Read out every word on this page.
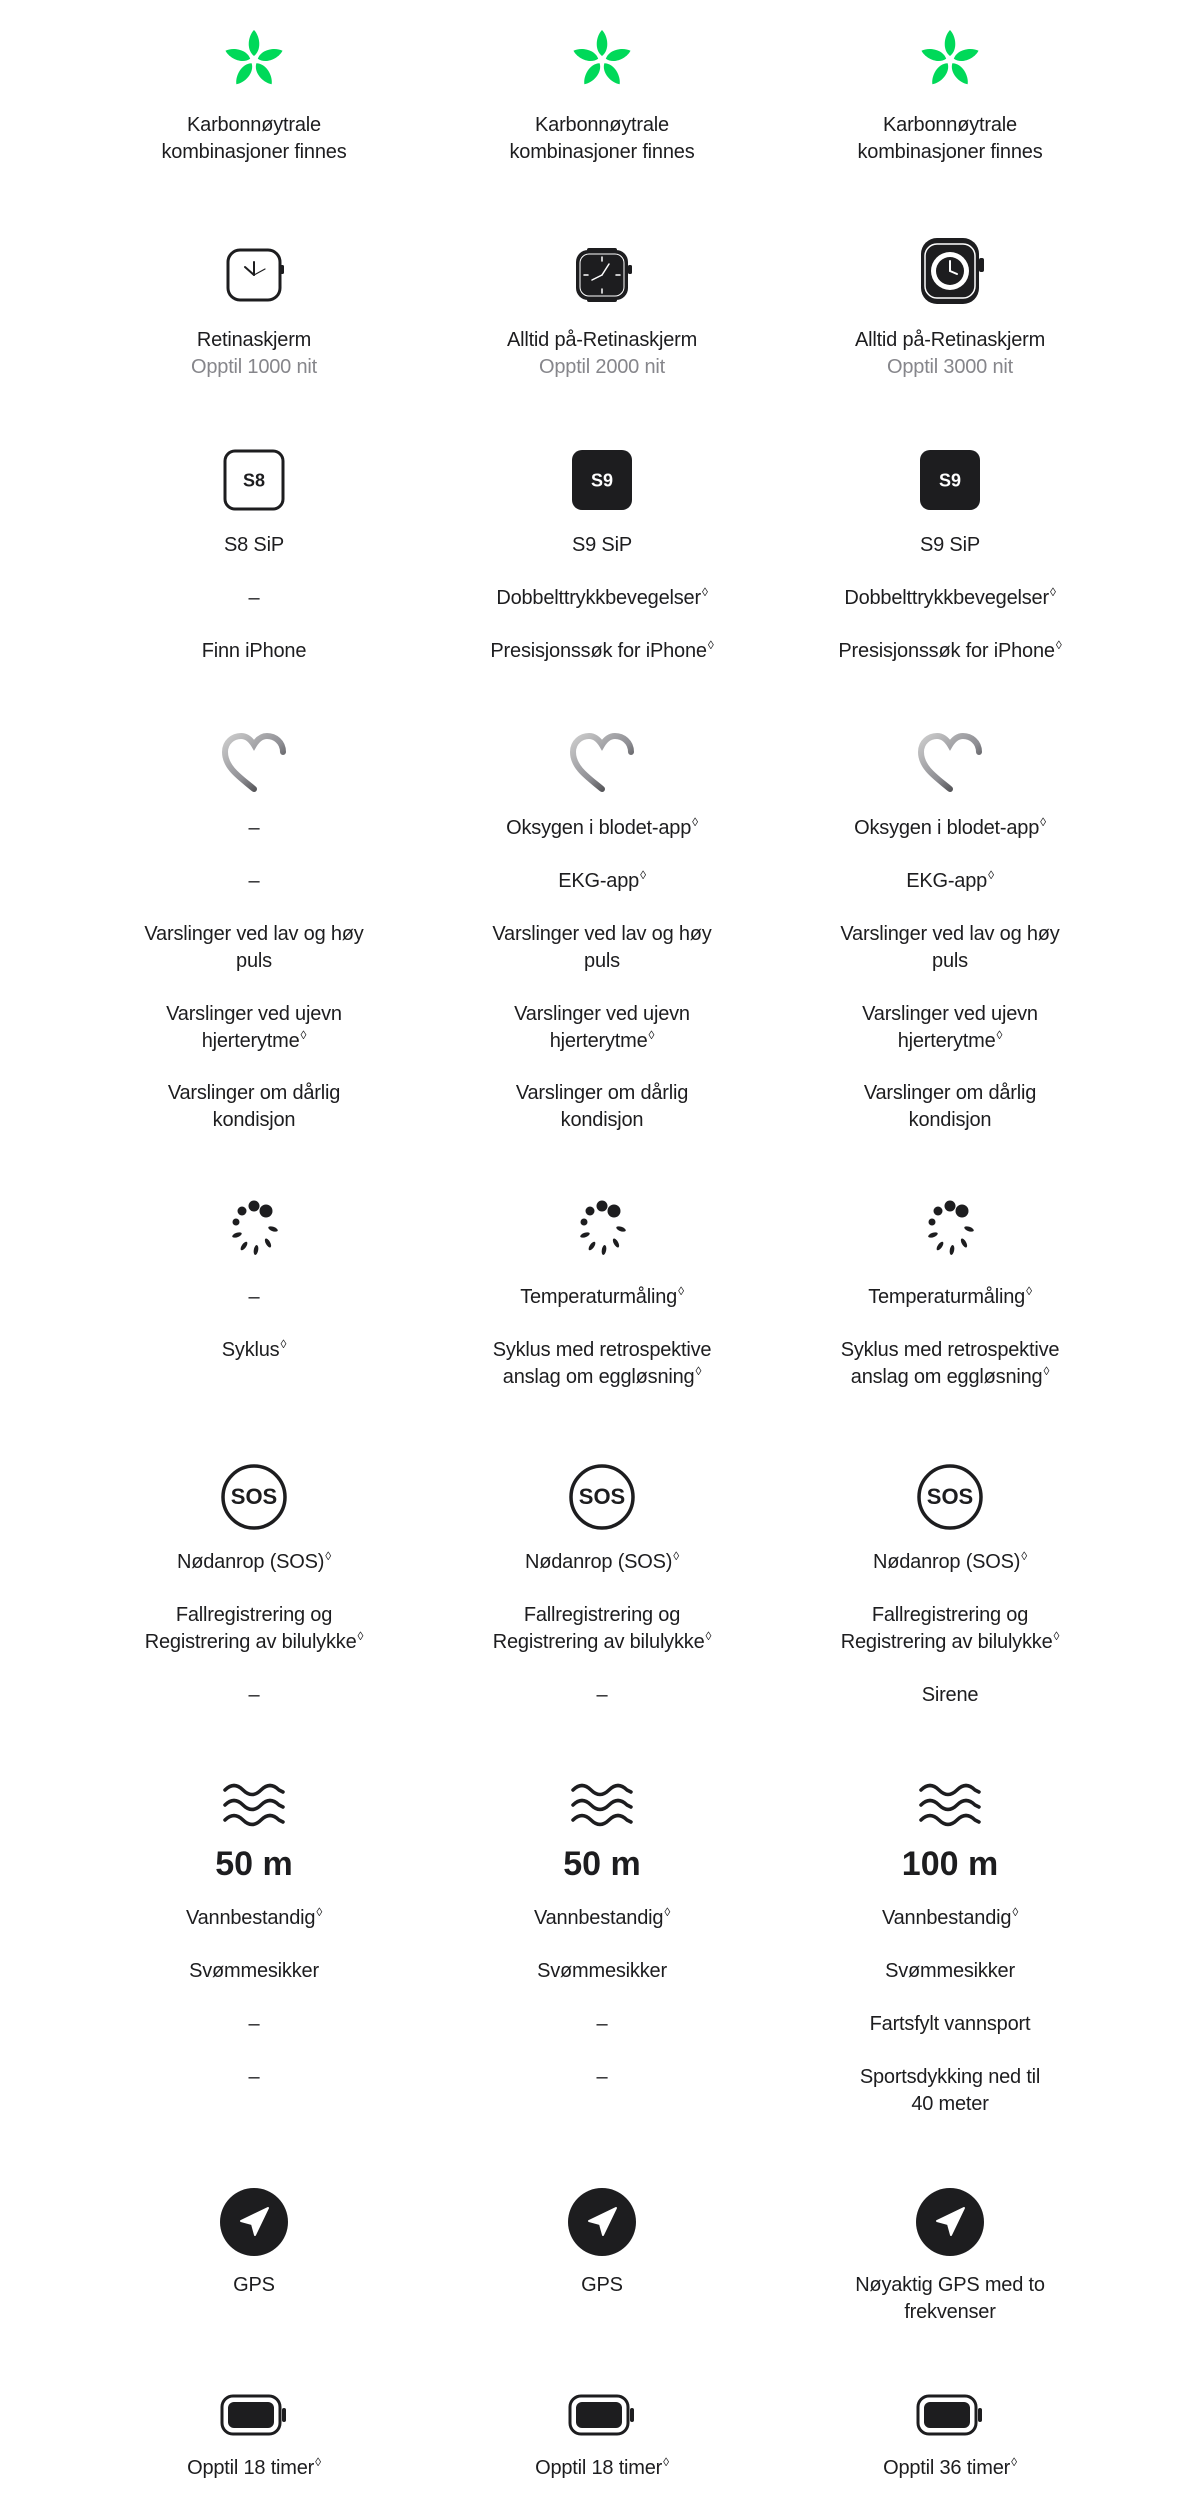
Karbonnøytrale
kombinasjoner finnes
Retinaskjerm
Opptil 1000 nit
S8
S8 SiP
–
Finn iPhone
–
–
Varslinger ved lav og høy
puls
Varslinger ved ujevn
hjerterytme◊
Varslinger om dårlig
kondisjon
–
Syklus◊
SOS
Nødanrop (SOS)◊
Fallregistrering og
Registrering av bilulykke◊
–
50 m
Vannbestandig◊
Svømmesikker
–
–

GPS

Opptil 18 timer◊
Karbonnøytrale
kombinasjoner finnes
Alltid på-Retinaskjerm
Opptil 2000 nit
S9
S9 SiP
Dobbelttrykkbevegelser◊
Presisjonssøk for iPhone◊
Oksygen i blodet-app◊
EKG-app◊
Varslinger ved lav og høy
puls
Varslinger ved ujevn
hjerterytme◊
Varslinger om dårlig
kondisjon
Temperaturmåling◊
Syklus med retrospektive
anslag om eggløsning◊
SOS
Nødanrop (SOS)◊
Fallregistrering og
Registrering av bilulykke◊
–
50 m
Vannbestandig◊
Svømmesikker
–
–

GPS

Opptil 18 timer◊
Karbonnøytrale
kombinasjoner finnes
Alltid på-Retinaskjerm
Opptil 3000 nit
S9
S9 SiP
Dobbelttrykkbevegelser◊
Presisjonssøk for iPhone◊
Oksygen i blodet-app◊
EKG-app◊
Varslinger ved lav og høy
puls
Varslinger ved ujevn
hjerterytme◊
Varslinger om dårlig
kondisjon
Temperaturmåling◊
Syklus med retrospektive
anslag om eggløsning◊
SOS
Nødanrop (SOS)◊
Fallregistrering og
Registrering av bilulykke◊
Sirene
100 m
Vannbestandig◊
Svømmesikker
Fartsfylt vannsport
Sportsdykking ned til
40 meter
Nøyaktig GPS med to
frekvenser
Opptil 36 timer◊
